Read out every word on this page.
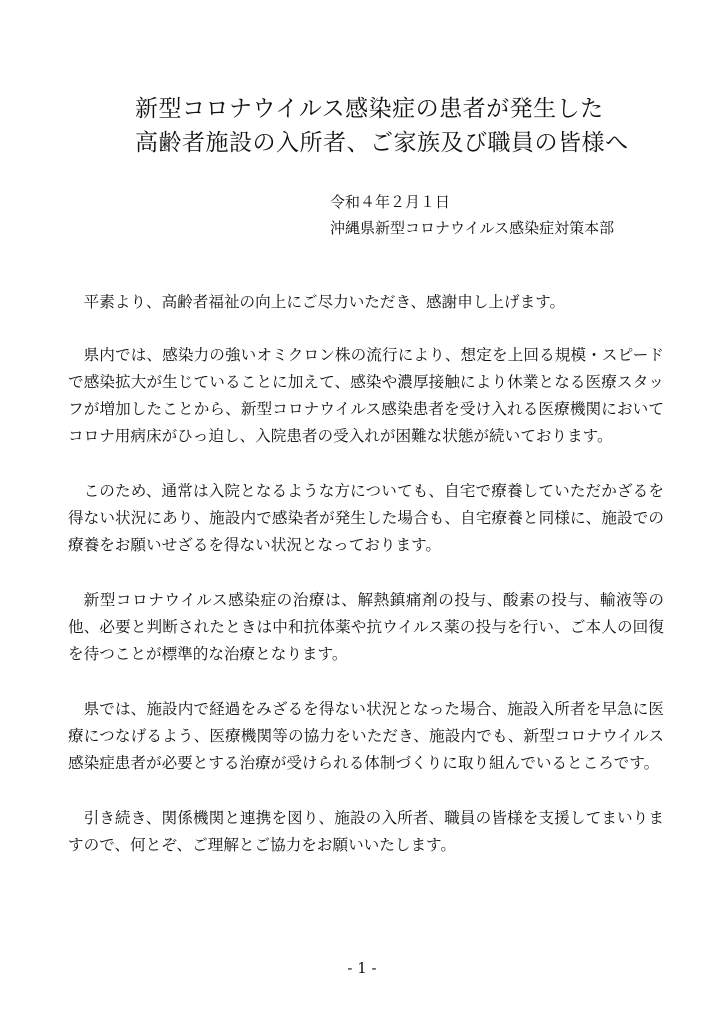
新型コロナウイルス感染症の患者が発生した
高齢者施設の入所者、ご家族及び職員の皆様へ
令和４年２月１日
沖縄県新型コロナウイルス感染症対策本部

平素より、高齢者福祉の向上にご尽力いただき、感謝申し上げます。

県内では、感染力の強いオミクロン株の流行により、想定を上回る規模・スピードで感染拡大が生じていることに加えて、感染や濃厚接触により休業となる医療スタッフが増加したことから、新型コロナウイルス感染患者を受け入れる医療機関においてコロナ用病床がひっ迫し、入院患者の受入れが困難な状態が続いております。

このため、通常は入院となるような方についても、自宅で療養していただかざるを得ない状況にあり、施設内で感染者が発生した場合も、自宅療養と同様に、施設での療養をお願いせざるを得ない状況となっております。

新型コロナウイルス感染症の治療は、解熱鎮痛剤の投与、酸素の投与、輸液等の他、必要と判断されたときは中和抗体薬や抗ウイルス薬の投与を行い、ご本人の回復を待つことが標準的な治療となります。

県では、施設内で経過をみざるを得ない状況となった場合、施設入所者を早急に医療につなげるよう、医療機関等の協力をいただき、施設内でも、新型コロナウイルス感染症患者が必要とする治療が受けられる体制づくりに取り組んでいるところです。

引き続き、関係機関と連携を図り、施設の入所者、職員の皆様を支援してまいりますので、何とぞ、ご理解とご協力をお願いいたします。

- 1 -
